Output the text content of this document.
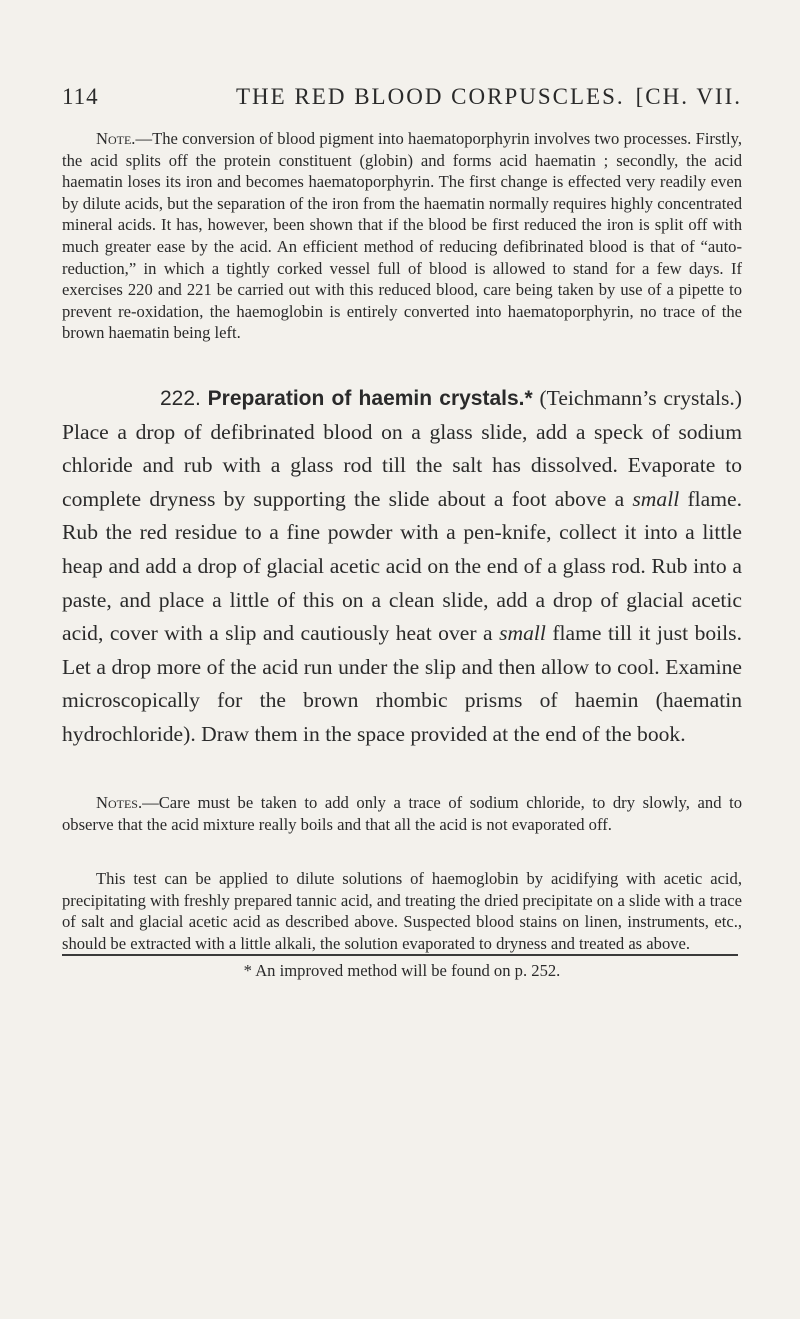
114	THE RED BLOOD CORPUSCLES. [CH. VII.

Note.—The conversion of blood pigment into haematoporphyrin involves two processes. Firstly, the acid splits off the protein constituent (globin) and forms acid haematin ; secondly, the acid haematin loses its iron and becomes haematoporphyrin. The first change is effected very readily even by dilute acids, but the separation of the iron from the haematin normally requires highly concentrated mineral acids. It has, however, been shown that if the blood be first reduced the iron is split off with much greater ease by the acid. An efficient method of reducing defibrinated blood is that of “auto-reduction,” in which a tightly corked vessel full of blood is allowed to stand for a few days. If exercises 220 and 221 be carried out with this reduced blood, care being taken by use of a pipette to prevent re-oxidation, the haemoglobin is entirely converted into haematoporphyrin, no trace of the brown haematin being left.

222. Preparation of haemin crystals.* (Teichmann’s crystals.) Place a drop of defibrinated blood on a glass slide, add a speck of sodium chloride and rub with a glass rod till the salt has dissolved. Evaporate to complete dryness by supporting the slide about a foot above a small flame. Rub the red residue to a fine powder with a pen-knife, collect it into a little heap and add a drop of glacial acetic acid on the end of a glass rod. Rub into a paste, and place a little of this on a clean slide, add a drop of glacial acetic acid, cover with a slip and cautiously heat over a small flame till it just boils. Let a drop more of the acid run under the slip and then allow to cool. Examine microscopically for the brown rhombic prisms of haemin (haematin hydrochloride). Draw them in the space provided at the end of the book.

Notes.—Care must be taken to add only a trace of sodium chloride, to dry slowly, and to observe that the acid mixture really boils and that all the acid is not evaporated off.

This test can be applied to dilute solutions of haemoglobin by acidifying with acetic acid, precipitating with freshly prepared tannic acid, and treating the dried precipitate on a slide with a trace of salt and glacial acetic acid as described above. Suspected blood stains on linen, instruments, etc., should be extracted with a little alkali, the solution evaporated to dryness and treated as above.

* An improved method will be found on p. 252.
